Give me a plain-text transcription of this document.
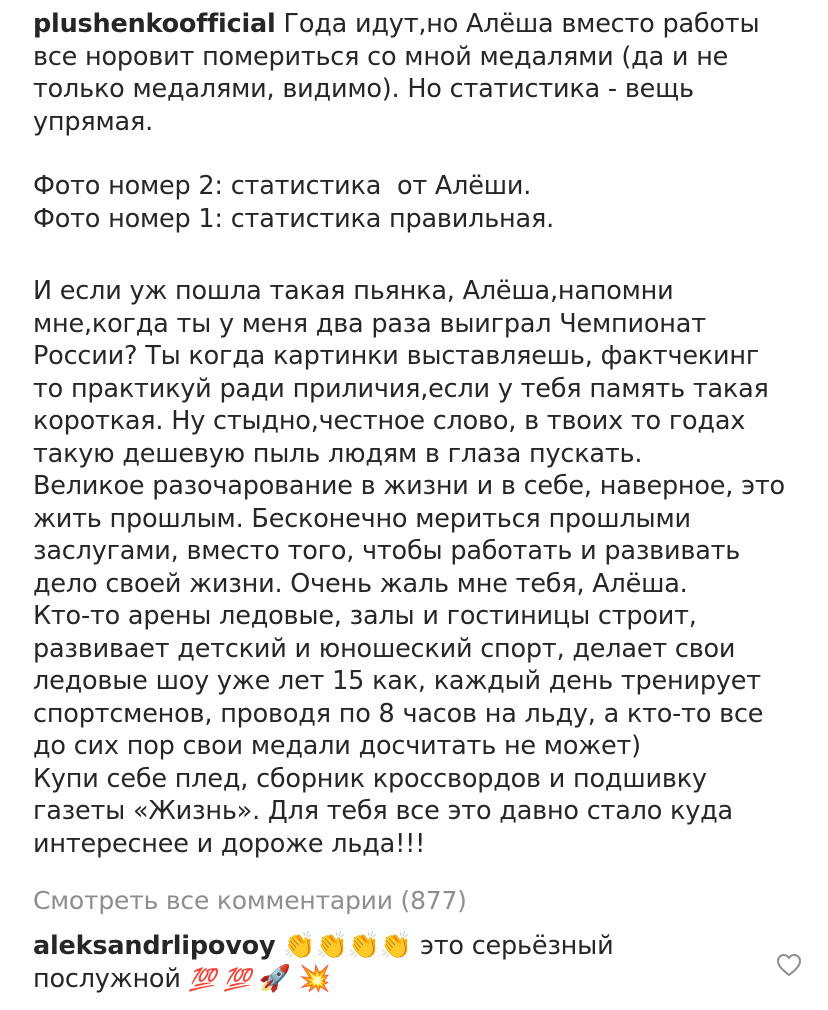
plushenkoofficial Года идут,но Алёша вместо работы все норовит помериться со мной медалями (да и не только медалями, видимо). Но статистика - вещь упрямая.

Фото номер 2: статистика  от Алёши.

Фото номер 1: статистика правильная.

И если уж пошла такая пьянка, Алёша,напомни мне,когда ты у меня два раза выиграл Чемпионат России? Ты когда картинки выставляешь, фактчекинг то практикуй ради приличия,если у тебя память такая короткая. Ну стыдно,честное слово, в твоих то годах такую дешевую пыль людям в глаза пускать.

Великое разочарование в жизни и в себе, наверное, это жить прошлым. Бесконечно мериться прошлыми заслугами, вместо того, чтобы работать и развивать дело своей жизни. Очень жаль мне тебя, Алёша.

Кто-то арены ледовые, залы и гостиницы строит, развивает детский и юношеский спорт, делает свои ледовые шоу уже лет 15 как, каждый день тренирует спортсменов, проводя по 8 часов на льду, а кто-то все до сих пор свои медали досчитать не может)

Купи себе плед, сборник кроссвордов и подшивку газеты «Жизнь». Для тебя все это давно стало куда интереснее и дороже льда!!!

Смотреть все комментарии (877)
aleksandrlipovoy 👏👏👏👏 это серьёзный послужной 💯 💯 🚀 💥
